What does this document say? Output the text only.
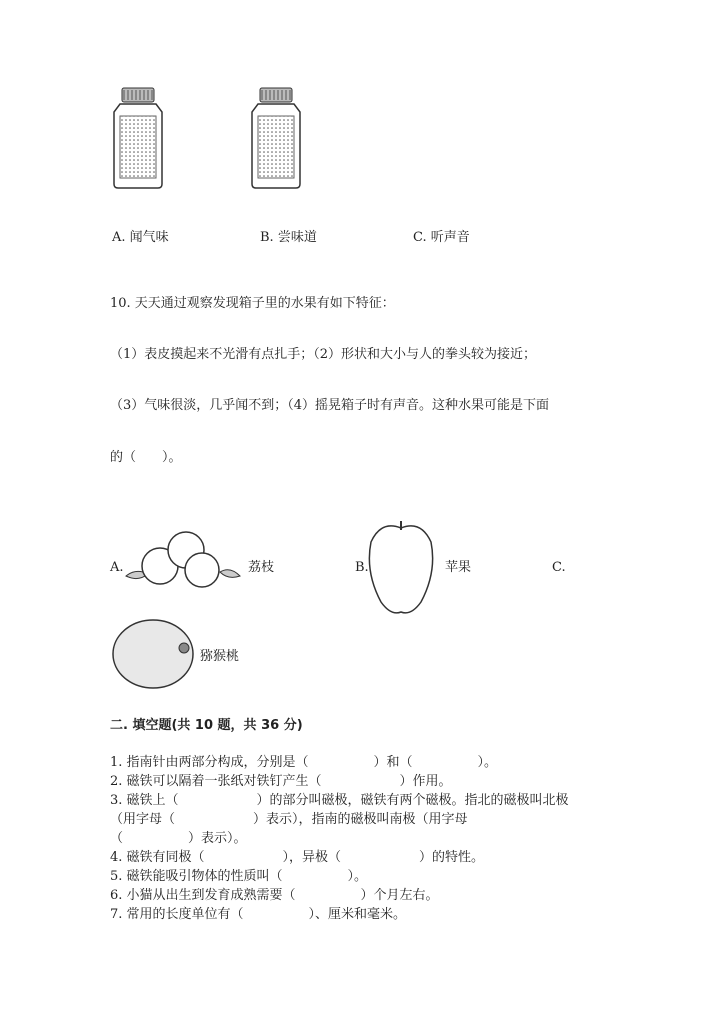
A. 闻气味	B. 尝味道	C. 听声音
10. 天天通过观察发现箱子里的水果有如下特征：
（1）表皮摸起来不光滑有点扎手；（2）形状和大小与人的拳头较为接近；
（3）气味很淡，几乎闻不到；（4）摇晃箱子时有声音。这种水果可能是下面
的（　　）。
A.	荔枝	B.	苹果	C.
猕猴桃
二. 填空题(共 10 题，共 36 分)
1. 指南针由两部分构成，分别是（　　　　　）和（　　　　　）。
2. 磁铁可以隔着一张纸对铁钉产生（　　　　　　）作用。
3. 磁铁上（　　　　　　）的部分叫磁极，磁铁有两个磁极。指北的磁极叫北极
（用字母（　　　　　　）表示），指南的磁极叫南极（用字母
（　　　　　）表示）。
4. 磁铁有同极（　　　　　　），异极（　　　　　　）的特性。
5. 磁铁能吸引物体的性质叫（　　　　　）。
6. 小猫从出生到发育成熟需要（　　　　　）个月左右。
7. 常用的长度单位有（　　　　　）、厘米和毫米。
